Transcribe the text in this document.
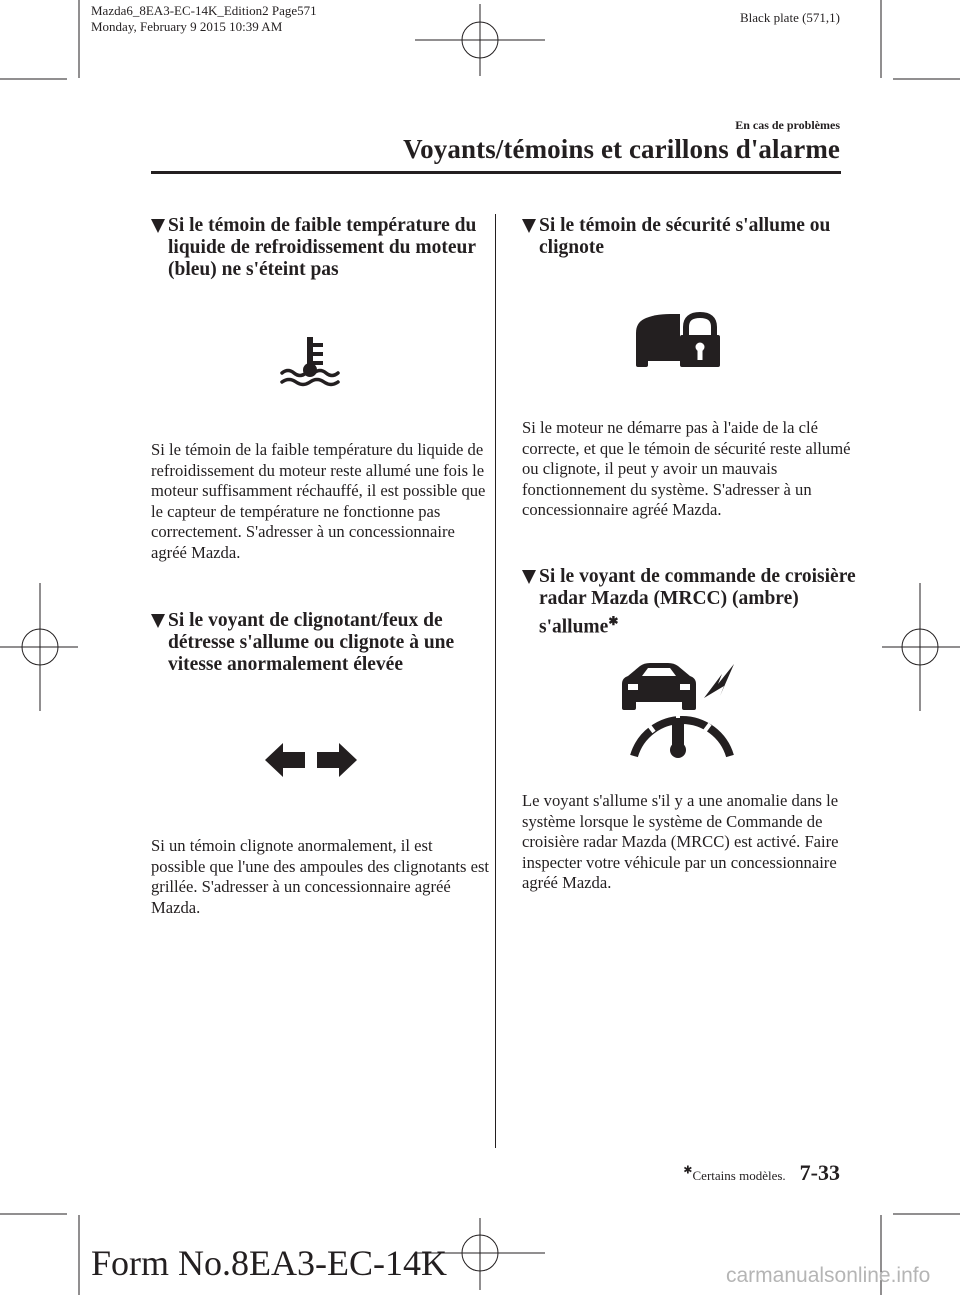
Mazda6_8EA3-EC-14K_Edition2 Page571
Monday, February 9 2015 10:39 AM
Black plate (571,1)
En cas de problèmes
Voyants/témoins et carillons d'alarme
Si le témoin de faible température du liquide de refroidissement du moteur (bleu) ne s'éteint pas
Si le témoin de la faible température du liquide de refroidissement du moteur reste allumé une fois le moteur suffisamment réchauffé, il est possible que le capteur de température ne fonctionne pas correctement. S'adresser à un concessionnaire agréé Mazda.
Si le voyant de clignotant/feux de détresse s'allume ou clignote à une vitesse anormalement élevée
Si un témoin clignote anormalement, il est possible que l'une des ampoules des clignotants est grillée. S'adresser à un concessionnaire agréé Mazda.
Si le témoin de sécurité s'allume ou clignote
Si le moteur ne démarre pas à l'aide de la clé correcte, et que le témoin de sécurité reste allumé ou clignote, il peut y avoir un mauvais fonctionnement du système. S'adresser à un concessionnaire agréé Mazda.
Si le voyant de commande de croisière radar Mazda (MRCC) (ambre) s'allume✱
Le voyant s'allume s'il y a une anomalie dans le système lorsque le système de Commande de croisière radar Mazda (MRCC) est activé. Faire inspecter votre véhicule par un concessionnaire agréé Mazda.
✱Certains modèles. 7-33
Form No.8EA3-EC-14K	carmanualsonline.info
